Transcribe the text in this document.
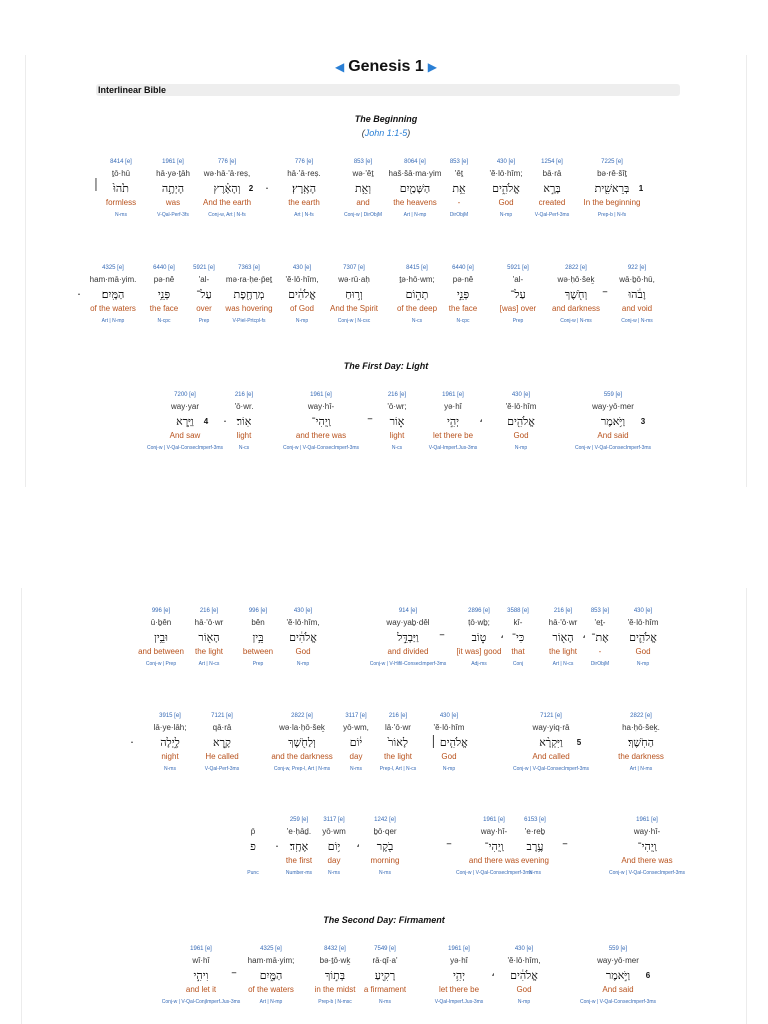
◀ Genesis 1 ▶
Interlinear Bible
The Beginning
(John 1:1-5)
7225 [e]
bə·rê·šîṯ
בְּרֵאשִׁ֖ית
In the beginning
Prep-b | N-fs
1254 [e]
bā·rā
בָּרָ֣א
created
V-Qal-Perf-3ms
430 [e]
'ĕ·lō·hîm;
אֱלֹהִ֑ים
God
N-mp
853 [e]
'êṯ
אֵ֥ת
-
DirObjM
8064 [e]
haš·šā·ma·yim
הַשָּׁמַ֖יִם
the heavens
Art | N-mp
853 [e]
wə·'êṯ
וְאֵ֥ת
and
Conj-w | DirObjM
776 [e]
hā·'ā·reṣ.
הָאָֽרֶץ׃
the earth
Art | N-fs
776 [e]
wə·hā·'ā·reṣ,
וְהָאָ֗רֶץ
And the earth
Conj-w, Art | N-fs
1961 [e]
hā·yə·ṯāh
הָיְתָ֥ה
was
V-Qal-Perf-3fs
8414 [e]
ṯō·hū
תֹ֙הוּ֙
formless
N-ms
1
2
׀	.
922 [e]
wā·ḇō·hū,
וָבֹ֔הוּ
and void
Conj-w | N-ms
2822 [e]
wə·ḥō·šeḵ
וְחֹ֖שֶׁךְ
and darkness
Conj-w | N-ms
5921 [e]
'al-
עַל־
[was] over
Prep
6440 [e]
pə·nê
פְּנֵ֣י
the face
N-cpc
8415 [e]
ṯə·hō·wm;
תְה֑וֹם
of the deep
N-cs
7307 [e]
wə·rū·aḥ
וְר֣וּחַ
And the Spirit
Conj-w | N-csc
430 [e]
'ĕ·lō·hîm,
אֱלֹהִ֔ים
of God
N-mp
7363 [e]
mə·ra·ḥe·p̄eṯ
מְרַחֶ֖פֶת
was hovering
V-Piel-Prtcpl-fs
5921 [e]
'al-
עַל־
over
Prep
6440 [e]
pə·nê
פְּנֵ֥י
the face
N-cpc
4325 [e]
ham·mā·yim.
הַמָּֽיִם׃
of the waters
Art | N-mp
–
.
The First Day: Light
559 [e]
way·yō·mer
וַיֹּ֥אמֶר
And said
Conj-w | V-Qal-ConsecImperf-3ms
430 [e]
'ĕ·lō·hîm
אֱלֹהִ֖ים
God
N-mp
1961 [e]
yə·hî
יְהִ֣י
let there be
V-Qal-Imperf.Jus-3ms
216 [e]
'ō·wr;
א֑וֹר
light
N-cs
1961 [e]
way·hî-
וַֽיְהִי־
and there was
Conj-w | V-Qal-ConsecImperf-3ms
216 [e]
'ō·wr.
אֽוֹר׃
light
N-cs
7200 [e]
way·yar
וַיַּ֧רְא
And saw
Conj-w | V-Qal-ConsecImperf-3ms
3
4	،
–
.
430 [e]
'ĕ·lō·hîm
אֱלֹהִ֛ים
God
N-mp
853 [e]
'eṯ-
אֶת־
-
DirObjM
216 [e]
hā·'ō·wr
הָא֖וֹר
the light
Art | N-cs
3588 [e]
kî-
כִּי־
that
Conj
2896 [e]
ṭō·wḇ;
ט֑וֹב
[it was] good
Adj-ms
914 [e]
way·yaḇ·dêl
וַיַּבְדֵּ֣ל
and divided
Conj-w | V-Hifil-ConsecImperf-3ms
430 [e]
'ĕ·lō·hîm,
אֱלֹהִ֔ים
God
N-mp
996 [e]
bên
בֵּ֥ין
between
Prep
216 [e]
hā·'ō·wr
הָא֖וֹר
the light
Art | N-cs
996 [e]
ū·ḇên
וּבֵ֥ין
and between
Conj-w | Prep
،
،
–
2822 [e]
ha·ḥō·šeḵ.
הַחֹֽשֶׁךְ׃
the darkness
Art | N-ms
7121 [e]
way·yiq·rā
וַיִּקְרָ֨א
And called
Conj-w | V-Qal-ConsecImperf-3ms
430 [e]
'ĕ·lō·hîm
אֱלֹהִ֤ים ׀
God
N-mp
216 [e]
lā·'ō·wr
לָאוֹר֙
the light
Prep-l, Art | N-cs
3117 [e]
yō·wm,
י֔וֹם
day
N-ms
2822 [e]
wə·la·ḥō·šeḵ
וְלַחֹ֖שֶׁךְ
and the darkness
Conj-w, Prep-l, Art | N-ms
7121 [e]
qā·rā
קָ֣רָא
He called
V-Qal-Perf-3ms
3915 [e]
lā·ye·lāh;
לָ֑יְלָה
night
N-ms
5
.
1961 [e]
way·hî-
וַֽיְהִי־
And there was
Conj-w | V-Qal-ConsecImperf-3ms
6153 [e]
'e·reḇ
עֶ֥רֶב
evening
N-ms
1961 [e]
way·hî-
וַֽיְהִי־
and there was
Conj-w | V-Qal-ConsecImperf-3ms
1242 [e]
ḇō·qer
בֹ֖קֶר
morning
N-ms
3117 [e]
yō·wm
י֥וֹם
day
N-ms
259 [e]
'e·ḥāḏ.
אֶחָֽד׃
the first
Number-ms
p̄
פ
Punc
–
–
،
.
The Second Day: Firmament
559 [e]
way·yō·mer
וַיֹּ֣אמֶר
And said
Conj-w | V-Qal-ConsecImperf-3ms
430 [e]
'ĕ·lō·hîm,
אֱלֹהִ֔ים
God
N-mp
1961 [e]
yə·hî
יְהִ֥י
let there be
V-Qal-Imperf.Jus-3ms
7549 [e]
rā·qî·a'
רָקִ֖יעַ
a firmament
N-ms
8432 [e]
bə·ṯō·wḵ
בְּת֣וֹךְ
in the midst
Prep-b | N-msc
4325 [e]
ham·mā·yim;
הַמָּ֑יִם
of the waters
Art | N-mp
1961 [e]
wî·hî
וִיהִ֣י
and let it
Conj-w | V-Qal-ConjImperf.Jus-3ms
6
،
–
